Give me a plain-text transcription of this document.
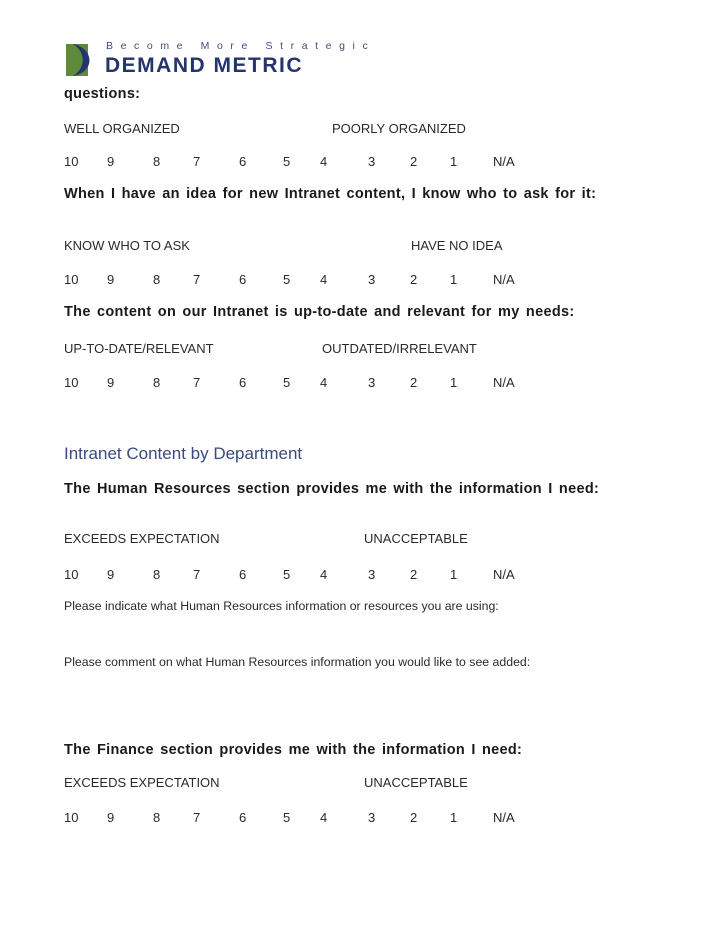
Become More Strategic
DEMAND METRIC
questions:
WELL ORGANIZED	POORLY ORGANIZED
When I have an idea for new Intranet content, I know who to ask for it:
KNOW WHO TO ASK	HAVE NO IDEA
The content on our Intranet is up-to-date and relevant for my needs:
UP-TO-DATE/RELEVANT	OUTDATED/IRRELEVANT
Intranet Content by Department
The Human Resources section provides me with the information I need:
EXCEEDS EXPECTATION	UNACCEPTABLE
Please indicate what Human Resources information or resources you are using:
Please comment on what Human Resources information you would like to see added:
The Finance section provides me with the information I need:
EXCEEDS EXPECTATION	UNACCEPTABLE
10 9	8	7	6	5 4	3	2	1	N/A
10 9	8	7	6	5 4	3	2	1	N/A
10 9	8	7	6	5 4	3	2	1	N/A
10 9	8	7	6	5 4	3	2	1	N/A
10 9	8	7	6	5 4	3	2	1	N/A
